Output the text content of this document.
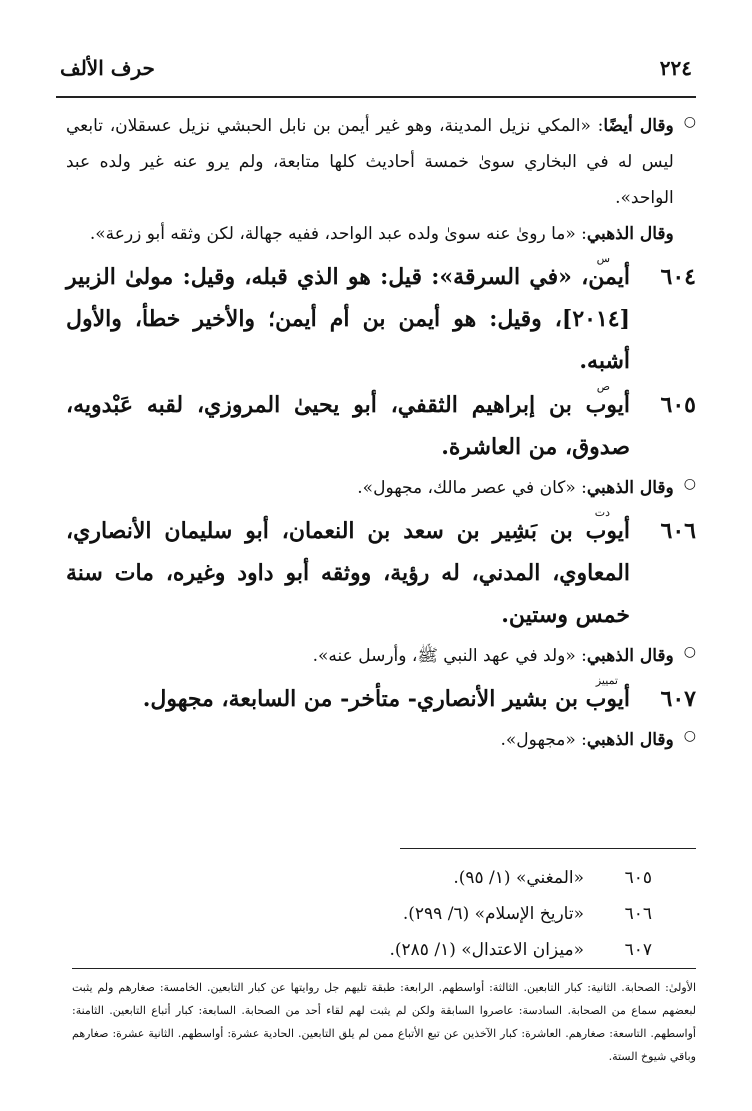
٢٢٤
حرف الألف
○
وقال أيضًا: «المكي نزيل المدينة، وهو غير أيمن بن نابل الحبشي نزيل عسقلان، تابعي ليس له في البخاري سوىٰ خمسة أحاديث كلها متابعة، ولم يرو عنه غير ولده عبد الواحد».
وقال الذهبي: «ما روىٰ عنه سوىٰ ولده عبد الواحد، ففيه جهالة، لكن وثقه أبو زرعة».
٦٠٤
س
أيمن، «في السرقة»: قيل: هو الذي قبله، وقيل: مولىٰ الزبير [٢٠١٤]، وقيل: هو أيمن بن أم أيمن؛ والأخير خطأ، والأول أشبه.
٦٠٥
ص
أيوب بن إبراهيم الثقفي، أبو يحيىٰ المروزي، لقبه عَبْدويه، صدوق، من العاشرة.
○
وقال الذهبي: «كان في عصر مالك، مجهول».
٦٠٦
دت
أيوب بن بَشِير بن سعد بن النعمان، أبو سليمان الأنصاري، المعاوي، المدني، له رؤية، ووثقه أبو داود وغيره، مات سنة خمس وستين.
○
وقال الذهبي: «ولد في عهد النبي ﷺ، وأرسل عنه».
٦٠٧
تمييز
أيوب بن بشير الأنصاري- متأخر- من السابعة، مجهول.
○
وقال الذهبي: «مجهول».
٦٠٥
«المغني» (١/ ٩٥).
٦٠٦
«تاريخ الإسلام» (٦/ ٢٩٩).
٦٠٧
«ميزان الاعتدال» (١/ ٢٨٥).
الأولىٰ: الصحابة. الثانية: كبار التابعين. الثالثة: أواسطهم. الرابعة: طبقة تليهم جل روايتها عن كبار التابعين. الخامسة: صغارهم ولم يثبت لبعضهم سماع من الصحابة. السادسة: عاصروا السابقة ولكن لم يثبت لهم لقاء أحد من الصحابة. السابعة: كبار أتباع التابعين. الثامنة: أواسطهم. التاسعة: صغارهم. العاشرة: كبار الآخذين عن تبع الأتباع ممن لم يلق التابعين. الحادية عشرة: أواسطهم. الثانية عشرة: صغارهم وباقي شيوخ الستة.
